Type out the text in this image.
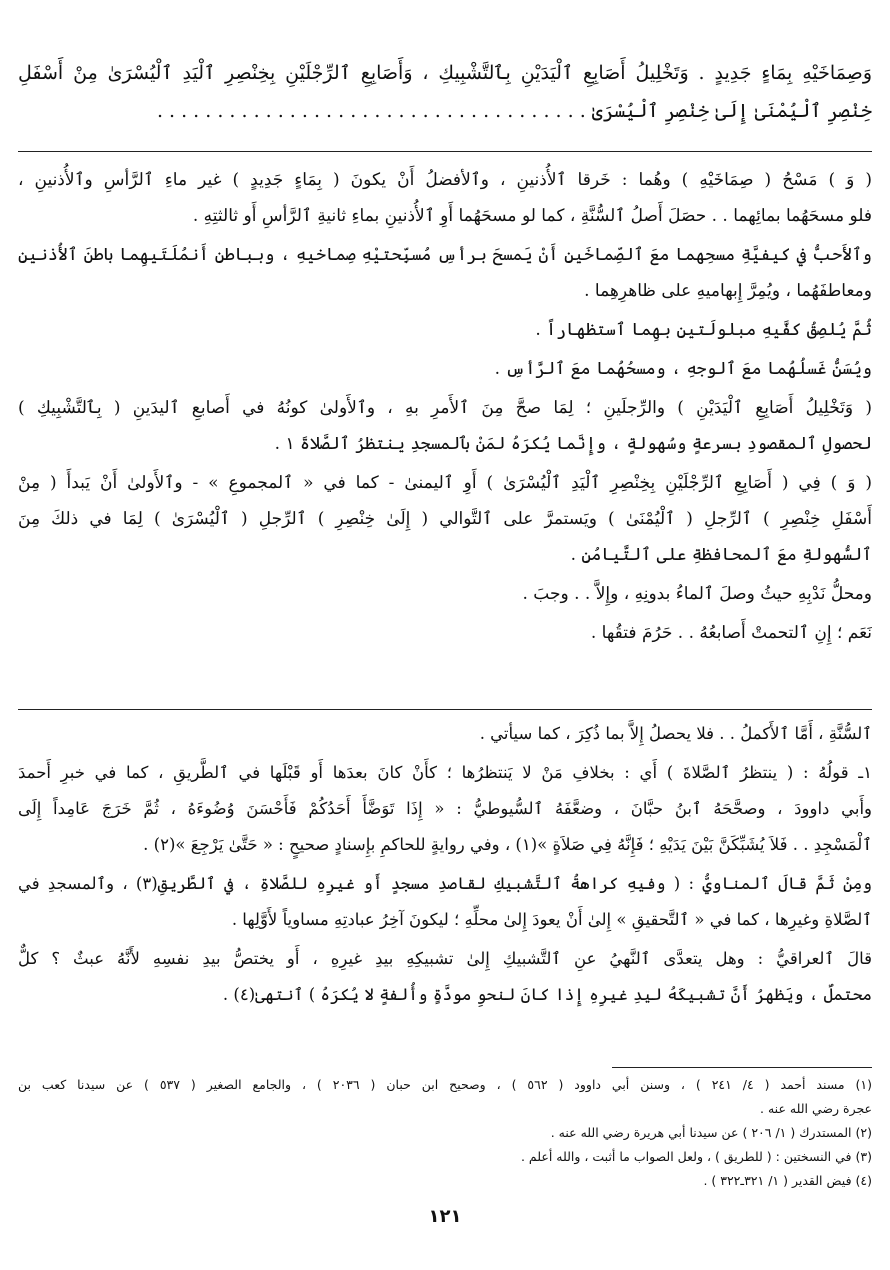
وَصِمَاخَيْهِ بِمَاءٍ جَدِيدٍ . وَتَخْلِيلُ أَصَابِعِ ٱلْيَدَيْنِ بِٱلتَّشْبِيكِ ، وَأَصَابِعِ ٱلرِّجْلَيْنِ بِخِنْصِرِ ٱلْيَدِ ٱلْيُسْرَىٰ مِنْ أَسْفَلِ
خِنْصِرِ ٱلْيُمْنَىٰ إِلَىٰ خِنْصِرِ ٱلْيُسْرَىٰ . . . . . . . . . . . . . . . . . . . . . . . . . . . . . . . . . . . .
( وَ ) مَسْحُ ( صِمَاخَيْهِ ) وهُما : خَرقا ٱلأُذنينِ ، وٱلأفضلُ أَنْ يكونَ ( بِمَاءٍ جَدِيدٍ ) غير ماءِ ٱلرَّأسِ وٱلأُذنينِ ،
فلو مسحَهُما بمائِهما . . حصَلَ أَصلُ ٱلسُّنَّةِ ، كما لو مسحَهُما أَوِ ٱلأُذنينِ بماءِ ثانيةِ ٱلرَّأسِ أَو ثالثتِهِ .
وٱلأَحبُّ في كيفيَّةِ مسحِهما معَ ٱلصِّماخَينِ أَنْ يَمسحَ برأسِ مُسبِّحتيْهِ صِماخيهِ ، وبباطنِ أَنمُلَتَيهِما باطنَ ٱلأُذنينِ
ومعاطفَهُما ، ويُمِرَّ إِبهاميهِ على ظاهرِهِما .
ثُمَّ يُلصِقُ كفَّيهِ مبلولَتينِ بهِما ٱستظهاراً .
ويُسَنُّ غَسلُهُما معَ ٱلوجهِ ، ومسحُهُما معَ ٱلرَّأسِ .
( وَتَخْلِيلُ أَصَابِعِ ٱلْيَدَيْنِ ) والرِّجلَينِ ؛ لِمَا صحَّ مِنَ ٱلأَمرِ بهِ ، وٱلأَولىٰ كونُهُ في أَصابعِ ٱليدَينِ ( بِٱلتَّشْبِيكِ )
لحصولِ ٱلمقصودِ بسرعةٍ وسُهولةٍ ، وإِنَّما يُكرَهُ لمَنْ بٱلمسجدِ ينتظرُ ٱلصَّلاةَ ١ .
( وَ ) فِي ( أَصَابِعِ ٱلرِّجْلَيْنِ بِخِنْصِرِ ٱلْيَدِ ٱلْيُسْرَىٰ ) أَوِ ٱليمنىٰ - كما في « ٱلمجموعِ » - وٱلأَولىٰ أَنْ يَبدأَ ( مِنْ
أَسْفَلِ خِنْصِرِ ) ٱلرِّجلِ ( ٱلْيُمْنَىٰ ) ويَستمرَّ على ٱلتَّوالي ( إِلَىٰ خِنْصِرِ ) ٱلرِّجلِ ( ٱلْيُسْرَىٰ ) لِمَا في ذلكَ مِنَ
ٱلسُّهولةِ معَ ٱلمحافظةِ على ٱلتَّيامُنِ .
ومحلُّ نَدْبِهِ حيثُ وصلَ ٱلماءُ بدونِهِ ، وإِلاَّ . . وجبَ .
نَعَم ؛ إِنِ ٱلتحمتْ أَصابعُهُ . . حَرُمَ فتقُها .
ٱلسُّنَّةِ ، أَمَّا ٱلأَكملُ . . فلا يحصلُ إِلاَّ بما ذُكِرَ ، كما سيأتي .
١ـ قولُهُ : ( ينتظرُ ٱلصَّلاةَ ) أَي : بخلافِ مَنْ لا يَنتظرُها ؛ كأَنْ كانَ بعدَها أَو قَبْلَها في ٱلطَّريقِ ، كما في خبرِ أَحمدَ
وأَبي داوودَ ، وصحَّحَهُ ٱبنُ حبَّانَ ، وضعَّفَهُ ٱلسُّيوطيُّ : « إِذَا تَوَضَّأَ أَحَدُكُمْ فَأَحْسَنَ وُضُوءَهُ ، ثُمَّ خَرَجَ عَامِداً إِلَى
ٱلْمَسْجِدِ . . فَلاَ يُشَبِّكَنَّ بَيْنَ يَدَيْهِ ؛ فَإِنَّهُ فِي صَلاَةٍ »(١) ، وفي روايةٍ للحاكمِ بإِسنادٍ صحيحٍ : « حَتَّىٰ يَرْجِعَ »(٢) .
ومِنْ ثَمَّ قالَ ٱلمناويُّ : ( وفيهِ كراهةُ ٱلتَّشبيكِ لقاصدِ مسجدٍ أَو غيرِهِ للصَّلاةِ ، في ٱلطَّريقِ(٣) ، وٱلمسجدِ في
ٱلصَّلاةِ وغيرِها ، كما في « ٱلتَّحقيقِ » إِلىٰ أَنْ يعودَ إِلىٰ محلِّهِ ؛ ليكونَ آخِرُ عبادتِهِ مساوياً لأَوَّلِها .
قالَ ٱلعراقيُّ : وهل يتعدَّى ٱلنَّهيُ عنِ ٱلتَّشبيكِ إِلىٰ تشبيكِهِ بيدِ غيرِهِ ، أَو يختصُّ بيدِ نفسِهِ لأَنَّهُ عبثٌ ؟ كلٌّ
محتملٌ ، ويَظهرُ أَنَّ تشبيكَهُ ليدِ غيرِهِ إِذا كانَ لنحوِ مودَّةٍ وأُلفةٍ لا يُكرَهُ ) ٱنتهىٰ(٤) .
(١) مسند أحمد ( ٤/ ٢٤١ ) ، وسنن أبي داوود ( ٥٦٢ ) ، وصحيح ابن حبان ( ٢٠٣٦ ) ، والجامع الصغير ( ٥٣٧ ) عن سيدنا كعب بن
عجرة رضي الله عنه .
(٢) المستدرك ( ١/ ٢٠٦ ) عن سيدنا أبي هريرة رضي الله عنه .
(٣) في النسختين : ( للطريق ) ، ولعل الصواب ما أثبت ، والله أعلم .
(٤) فيض القدير ( ١/ ٣٢١ـ٣٢٢ ) .
١٢١
